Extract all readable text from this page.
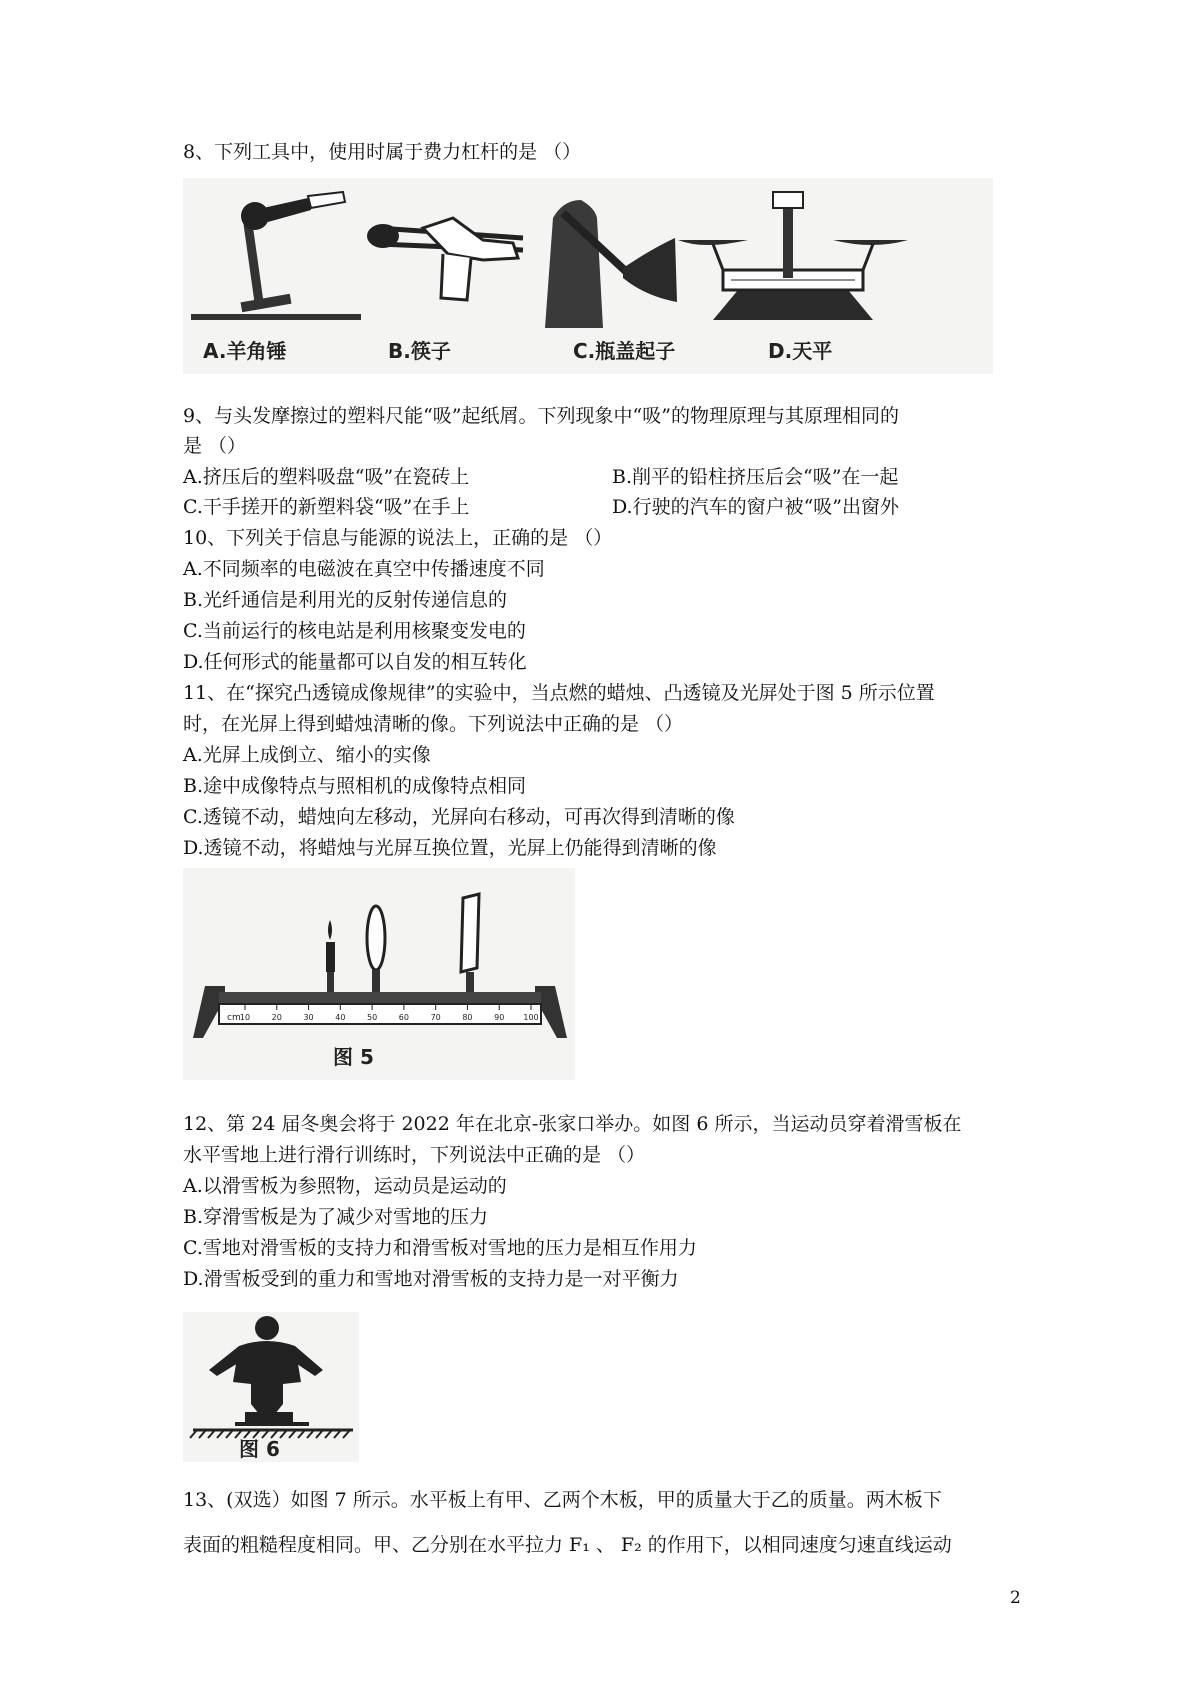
8、下列工具中，使用时属于费力杠杆的是 （）
A.羊角锤	B.筷子	C.瓶盖起子	D.天平
9、与头发摩擦过的塑料尺能“吸”起纸屑。下列现象中“吸”的物理原理与其原理相同的
是 （）
A.挤压后的塑料吸盘“吸”在瓷砖上	B.削平的铅柱挤压后会“吸”在一起
C.干手搓开的新塑料袋“吸”在手上	D.行驶的汽车的窗户被“吸”出窗外
10、下列关于信息与能源的说法上，正确的是 （）
A.不同频率的电磁波在真空中传播速度不同
B.光纤通信是利用光的反射传递信息的
C.当前运行的核电站是利用核聚变发电的
D.任何形式的能量都可以自发的相互转化
11、在“探究凸透镜成像规律”的实验中，当点燃的蜡烛、凸透镜及光屏处于图 5 所示位置
时，在光屏上得到蜡烛清晰的像。下列说法中正确的是 （）
A.光屏上成倒立、缩小的实像
B.途中成像特点与照相机的成像特点相同
C.透镜不动，蜡烛向左移动，光屏向右移动，可再次得到清晰的像
D.透镜不动，将蜡烛与光屏互换位置，光屏上仍能得到清晰的像
10	20	30	40	50	60	70	80	90 100
cm
图 5
12、第 24 届冬奥会将于 2022 年在北京-张家口举办。如图 6 所示，当运动员穿着滑雪板在
水平雪地上进行滑行训练时，下列说法中正确的是 （）
A.以滑雪板为参照物，运动员是运动的
B.穿滑雪板是为了减少对雪地的压力
C.雪地对滑雪板的支持力和滑雪板对雪地的压力是相互作用力
D.滑雪板受到的重力和雪地对滑雪板的支持力是一对平衡力
图 6
13、(双选）如图 7 所示。水平板上有甲、乙两个木板，甲的质量大于乙的质量。两木板下
表面的粗糙程度相同。甲、乙分别在水平拉力 F₁ 、 F₂ 的作用下，以相同速度匀速直线运动
2
